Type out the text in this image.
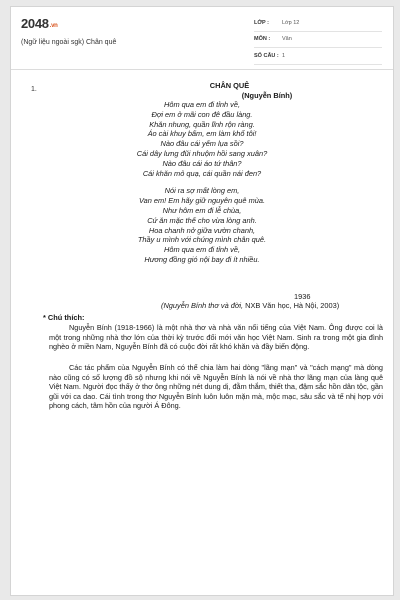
2048.vn
(Ngữ liệu ngoài sgk) Chân quê
LỚP :	Lớp 12
MÔN :	Văn
SỐ CÂU : 1
1.	CHÂN QUÊ
(Nguyễn Bính)
Hôm qua em đi tỉnh về,
Đợi em ở mãi con đê đầu làng.
Khăn nhung, quần lĩnh rộn ràng.
Áo cài khuy bấm, em làm khổ tôi!
Nào đâu cái yếm lụa sồi?
Cái dây lưng đũi nhuộm hồi sang xuân?
Nào đâu cái áo tứ thân?
Cái khăn mỏ quạ, cái quần nái đen?
Nói ra sợ mất lòng em,
Van em! Em hãy giữ nguyên quê mùa.
Như hôm em đi lễ chùa,
Cứ ăn mặc thế cho vừa lòng anh.
Hoa chanh nở giữa vườn chanh,
Thầy u mình với chúng mình chân quê.
Hôm qua em đi tỉnh về,
Hương đồng gió nội bay đi ít nhiều.
1936
(Nguyễn Bính thơ và đời, NXB Văn học, Hà Nội, 2003)
* Chú thích:

Nguyễn Bính (1918-1966) là một nhà thơ và nhà văn nổi tiếng của Việt Nam. Ông được coi là một trong những nhà thơ lớn của thời kỳ trước đổi mới văn học Việt Nam. Sinh ra trong một gia đình nghèo ở miền Nam, Nguyễn Bính đã có cuộc đời rất khó khăn và đầy biến động.

Các tác phẩm của Nguyễn Bính có thể chia làm hai dòng "lãng mạn" và "cách mạng" mà dòng nào cũng có số lượng đồ sộ nhưng khi nói về Nguyễn Bính là nói về nhà thơ lãng mạn của làng quê Việt Nam. Người đọc thấy ở thơ ông những nét dung dị, đằm thắm, thiết tha, đậm sắc hồn dân tộc, gần gũi với ca dao. Cái tình trong thơ Nguyễn Bính luôn luôn mặn mà, mộc mạc, sâu sắc và tế nhị hợp với phong cách, tâm hồn của người Á Đông.
